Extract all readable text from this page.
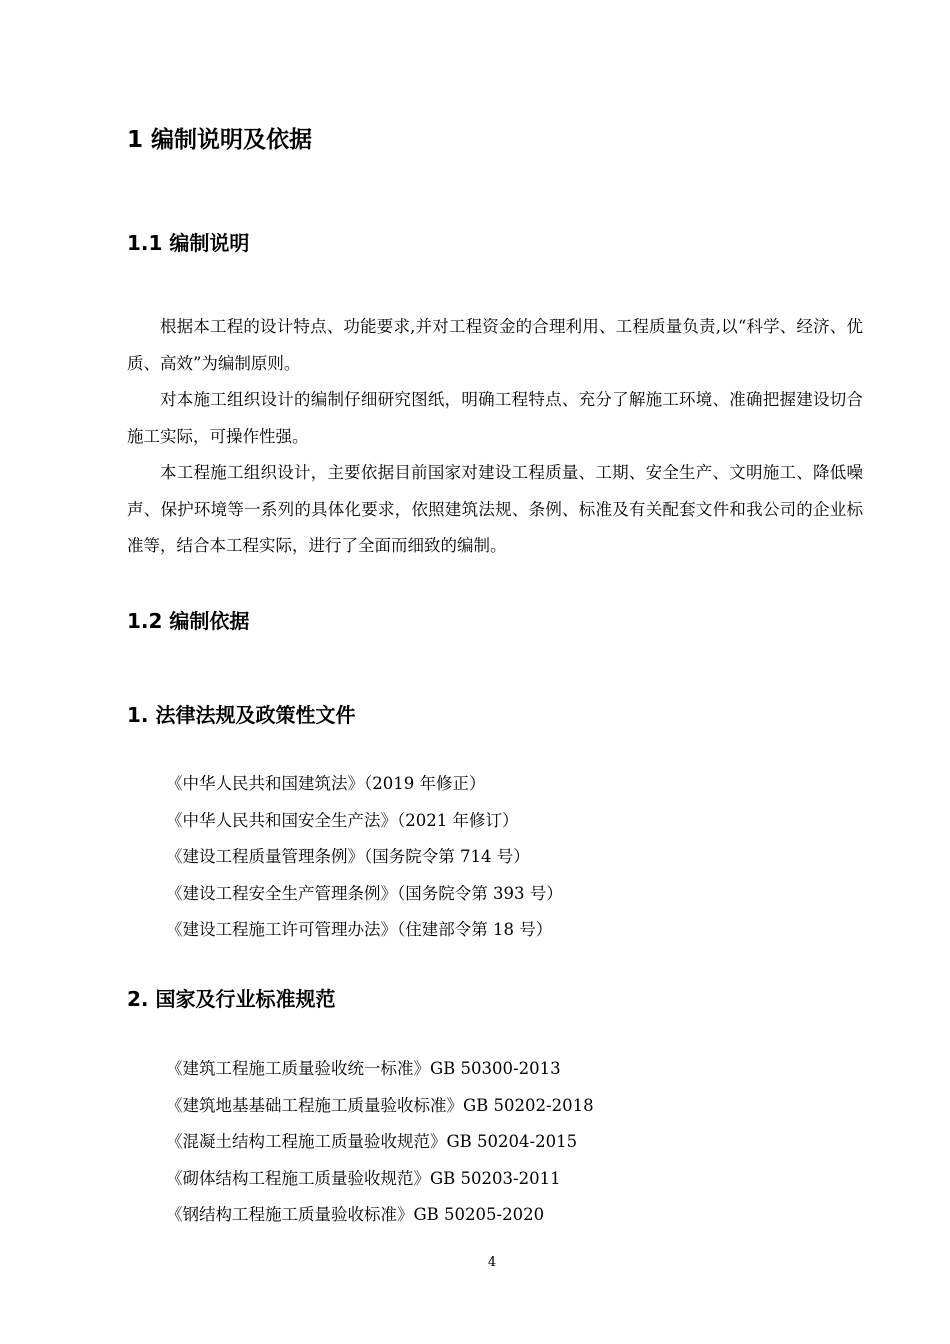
1 编制说明及依据
1.1 编制说明

根据本工程的设计特点、功能要求,并对工程资金的合理利用、工程质量负责,以“科学、经济、优质、高效”为编制原则。

对本施工组织设计的编制仔细研究图纸，明确工程特点、充分了解施工环境、准确把握建设切合施工实际，可操作性强。

本工程施工组织设计，主要依据目前国家对建设工程质量、工期、安全生产、文明施工、降低噪声、保护环境等一系列的具体化要求，依照建筑法规、条例、标准及有关配套文件和我公司的企业标准等，结合本工程实际，进行了全面而细致的编制。

1.2 编制依据
1. 法律法规及政策性文件
《中华人民共和国建筑法》（2019 年修正）
《中华人民共和国安全生产法》（2021 年修订）
《建设工程质量管理条例》（国务院令第 714 号）
《建设工程安全生产管理条例》（国务院令第 393 号）
《建设工程施工许可管理办法》（住建部令第 18 号）
2. 国家及行业标准规范
《建筑工程施工质量验收统一标准》GB 50300-2013
《建筑地基基础工程施工质量验收标准》GB 50202-2018
《混凝土结构工程施工质量验收规范》GB 50204-2015
《砌体结构工程施工质量验收规范》GB 50203-2011
《钢结构工程施工质量验收标准》GB 50205-2020
4
